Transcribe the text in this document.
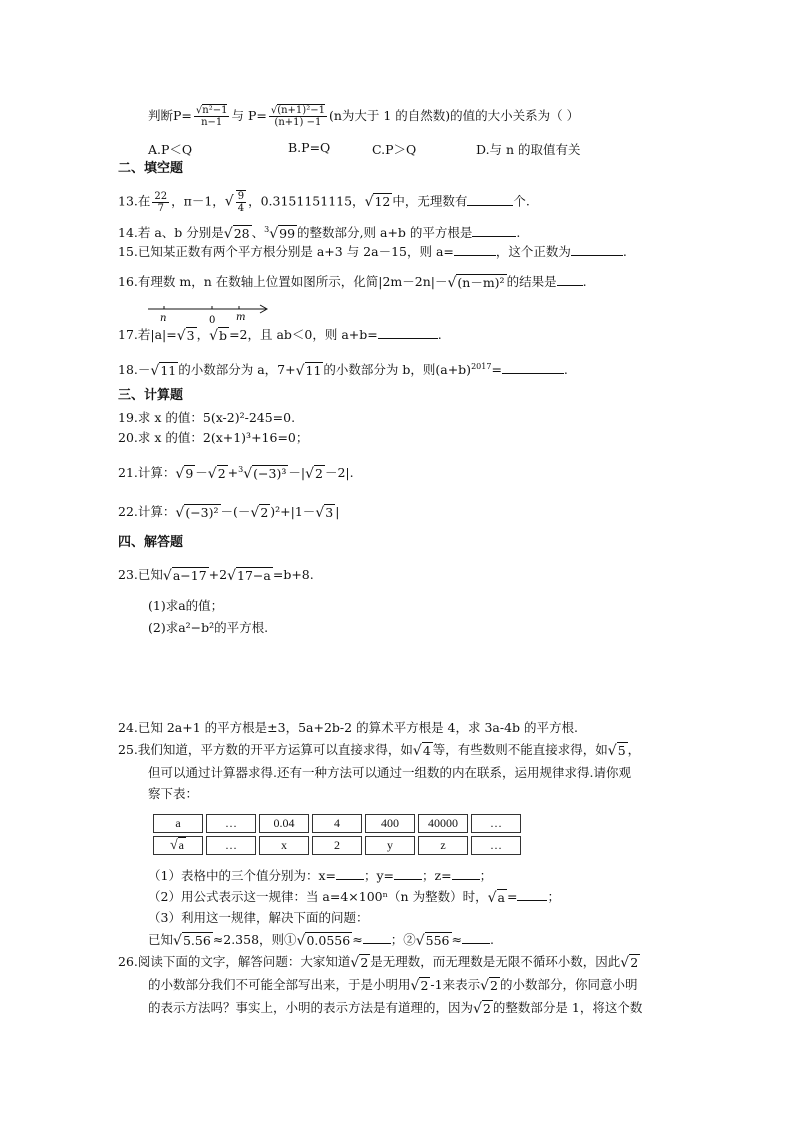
判断$P= \frac{\text{√n²−1}}{n-1}$ 与 $P= \frac{\text{√(n+1)²−1}}{(n+1) -1} (n$为大于 1 的自然数)的值的大小关系为（ ）
A.P＜Q	B.P=Q	C.P＞Q	D.与 n 的取值有关
二、填空题
13.在 $\frac{22}{7}$ ，π－1，√ $\frac{9}{4}$ ，0.3151151115，√12 中，无理数有	个.
14.若 a、b 分别是√28 、$^3$√99 的整数部分,则 a+b 的平方根是	.
15.已知某正数有两个平方根分别是 a+3 与 2a－15，则 a=	，这个正数为	.
16.有理数 m，n 在数轴上位置如图所示，化简|2m－2n|－√(n－m)² 的结果是 .
n	0 m
17.若|a|=√3 ，√b =2，且 ab＜0，则 a+b=	.
18.－√11 的小数部分为 a，7+√11 的小数部分为 b，则$(a+b)^{2017}=$	.
三、计算题
19.求 x 的值：5(x-2)²-245=0.
20.求 x 的值：2(x+1)³+16=0；
21.计算：√9 －√2 +$^3$√(−3)³ －|√2 －2|.
22.计算：√(−3)² －(－√2 )²+|1－√3 |
四、解答题
23.已知√a−17 +2√17−a =b+8.
(1)求a的值；
(2)求a²−b²的平方根.
24.已知 2a+1 的平方根是±3，5a+2b-2 的算术平方根是 4，求 3a-4b 的平方根.
25.我们知道，平方数的开平方运算可以直接求得，如√4 等，有些数则不能直接求得，如√5 ，
但可以通过计算器求得.还有一种方法可以通过一组数的内在联系，运用规律求得.请你观
察下表：
a	…	0.04	4	400	40000	…
√a	…	x	2	y	z	…
（1）表格中的三个值分别为：x= ；y= ；z= ；
（2）用公式表示这一规律：当 a=4×100ⁿ（n 为整数）时，√a = ；
（3）利用这一规律，解决下面的问题：
已知√5.56 ≈2.358，则①√0.0556 ≈ ；②√556 ≈ .
26.阅读下面的文字，解答问题：大家知道√2 是无理数，而无理数是无限不循环小数，因此√2
的小数部分我们不可能全部写出来，于是小明用√2 -1来表示√2 的小数部分，你同意小明
的表示方法吗？事实上，小明的表示方法是有道理的，因为√2 的整数部分是 1，将这个数
